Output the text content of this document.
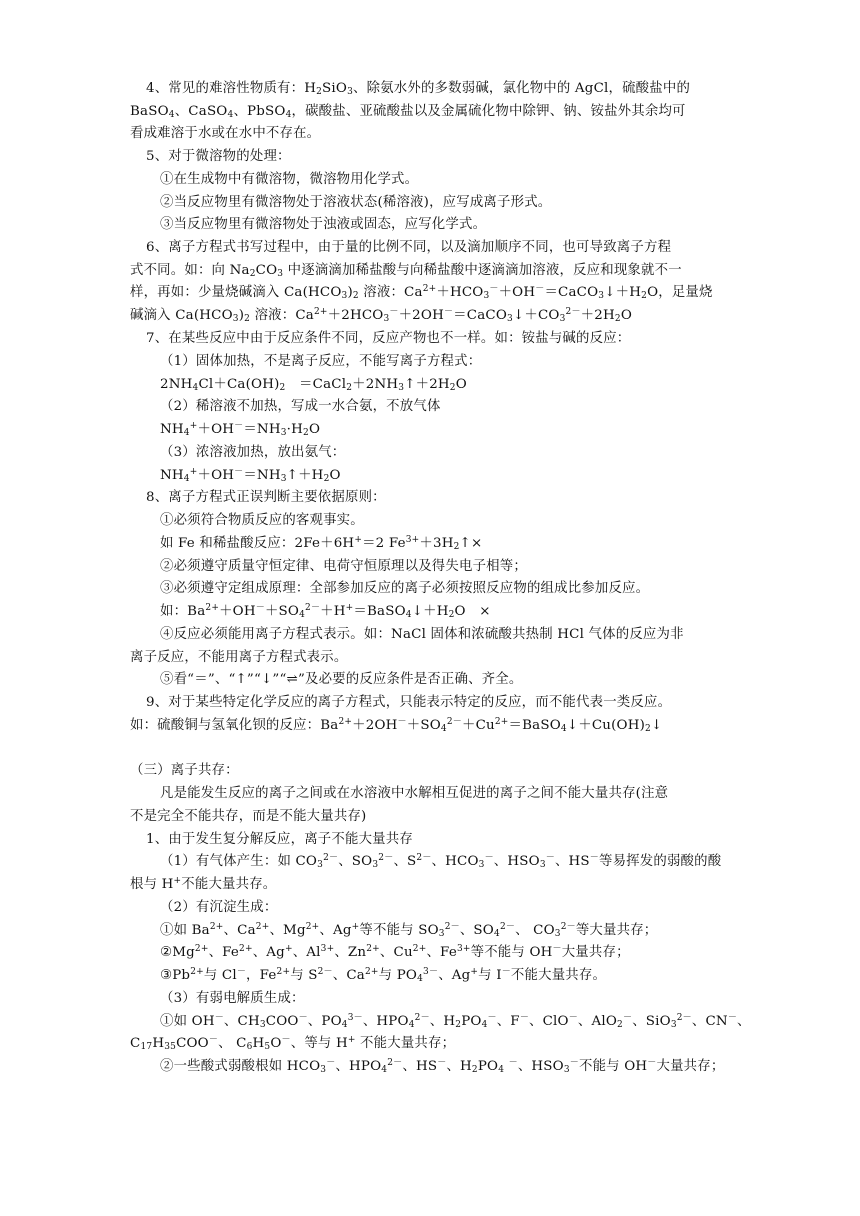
4、常见的难溶性物质有：$H_2SiO_3$、除氨水外的多数弱碱，氯化物中的 AgCl，硫酸盐中的
BaSO$_4$、CaSO$_4$、PbSO$_4$，碳酸盐、亚硫酸盐以及金属硫化物中除钾、钠、铵盐外其余均可
看成难溶于水或在水中不存在。
5、对于微溶物的处理：
①在生成物中有微溶物，微溶物用化学式。
②当反应物里有微溶物处于溶液状态(稀溶液)，应写成离子形式。
③当反应物里有微溶物处于浊液或固态，应写化学式。
6、离子方程式书写过程中，由于量的比例不同，以及滴加顺序不同，也可导致离子方程
式不同。如：向 $Na_2CO_3$ 中逐滴滴加稀盐酸与向稀盐酸中逐滴滴加溶液，反应和现象就不一
样，再如：少量烧碱滴入 $Ca(HCO_3)_2$ 溶液：$Ca^{2+}+HCO_3^-+OH^-=CaCO_3↓+H_2O$，足量烧
碱滴入 $Ca(HCO_3)_2$ 溶液：$Ca^{2+}+2HCO_3^-+2OH^-=CaCO_3↓+CO_3^{2-}+2H_2O$
7、在某些反应中由于反应条件不同，反应产物也不一样。如：铵盐与碱的反应：
（1）固体加热，不是离子反应，不能写离子方程式：
$2NH_4Cl+Ca(OH)_2$　$=CaCl_2+2NH_3↑+2H_2O$
（2）稀溶液不加热，写成一水合氨，不放气体
$NH_4^++OH^-=NH_3\cdot H_2O$
（3）浓溶液加热，放出氨气：
$NH_4^++OH^-=NH_3↑+H_2O$
8、离子方程式正误判断主要依据原则：
①必须符合物质反应的客观事实。
如 Fe 和稀盐酸反应：2Fe＋6H+＝2 $Fe^{3+}+3H_2↑\times$
②必须遵守质量守恒定律、电荷守恒原理以及得失电子相等；
③必须遵守定组成原理：全部参加反应的离子必须按照反应物的组成比参加反应。
如：$Ba^{2+}+OH^-+SO_4^{2-}+H^+=BaSO_4↓+H_2O$　×
④反应必须能用离子方程式表示。如：NaCl 固体和浓硫酸共热制 HCl 气体的反应为非
离子反应，不能用离子方程式表示。
⑤看“＝”、“↑”“↓”“⇌”及必要的反应条件是否正确、齐全。
9、对于某些特定化学反应的离子方程式，只能表示特定的反应，而不能代表一类反应。
如：硫酸铜与氢氧化钡的反应：$Ba^{2+}+2OH^-+SO_4^{2-}+Cu^{2+}=BaSO_4↓+Cu(OH)_2↓$
（三）离子共存：
凡是能发生反应的离子之间或在水溶液中水解相互促进的离子之间不能大量共存(注意
不是完全不能共存，而是不能大量共存)
1、由于发生复分解反应，离子不能大量共存
（1）有气体产生：如 $CO_3^{2-}$、$SO_3^{2-}$、$S^{2-}$、$HCO_3^-$、$HSO_3^-$、HS－等易挥发的弱酸的酸
根与 H+不能大量共存。
（2）有沉淀生成：
①如 $Ba^{2+}$、$Ca^{2+}$、$Mg^{2+}$、Ag+等不能与 $SO_3^{2-}$、$SO_4^{2-}$、 $CO_3^{2-}$等大量共存；
$②Mg^{2+}$、$Fe^{2+}$、Ag+、$Al^{3+}$、$Zn^{2+}$、$Cu^{2+}$、$Fe^{3+}$等不能与 OH－大量共存；
$③Pb^{2+}$与 Cl－，$Fe^{2+}$与 $S^{2-}$、$Ca^{2+}$与 $PO_4^{3-}$、Ag+与 I－不能大量共存。
（3）有弱电解质生成：
①如 OH－、$CH_3COO^-$、$PO_4^{3-}$、$HPO_4^{2-}$、$H_2PO_4^-$、F－、ClO－、AlO$_2$－、SiO$_3^{2-}$、CN－、
$C_{17}H_{35}COO^-$、 $C_6H_5O^-$、等与 H+ 不能大量共存；
②一些酸式弱酸根如 $HCO_3^-$、$HPO_4^{2-}$、HS－、$H_2PO_4$ －、$HSO_3^-$不能与 OH－大量共存；
